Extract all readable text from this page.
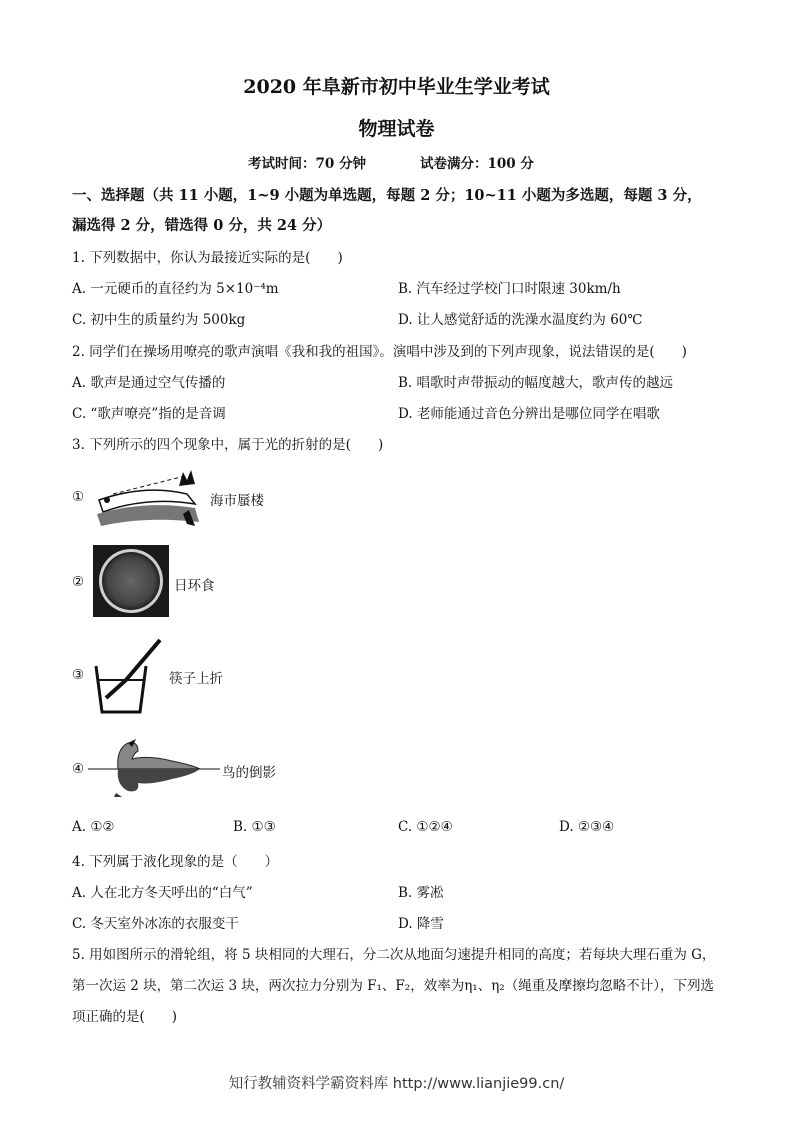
2020 年阜新市初中毕业生学业考试
物理试卷
考试时间：70 分钟	试卷满分：100 分
一、选择题（共 11 小题，1~9 小题为单选题，每题 2 分；10~11 小题为多选题，每题 3 分，
漏选得 2 分，错选得 0 分，共 24 分）
1. 下列数据中，你认为最接近实际的是(　　)
A. 一元硬币的直径约为 5×10⁻⁴m	B. 汽车经过学校门口时限速 30km/h
C. 初中生的质量约为 500kg	D. 让人感觉舒适的洗澡水温度约为 60℃
2. 同学们在操场用嘹亮的歌声演唱《我和我的祖国》。演唱中涉及到的下列声现象，说法错误的是(　　)
A. 歌声是通过空气传播的	B. 唱歌时声带振动的幅度越大，歌声传的越远
C. “歌声嘹亮”指的是音调	D. 老师能通过音色分辨出是哪位同学在唱歌
3. 下列所示的四个现象中，属于光的折射的是(　　)
①	海市蜃楼
②	日环食
③	筷子上折
④	鸟的倒影
A. ①②	B. ①③	C. ①②④	D. ②③④
4. 下列属于液化现象的是（　　）
A. 人在北方冬天呼出的“白气”	B. 雾凇
C. 冬天室外冰冻的衣服变干	D. 降雪
5. 用如图所示的滑轮组，将 5 块相同的大理石，分二次从地面匀速提升相同的高度；若每块大理石重为 G，
第一次运 2 块，第二次运 3 块，两次拉力分别为 F₁、F₂，效率为η₁、η₂（绳重及摩擦均忽略不计），下列选
项正确的是(　　)
知行教辅资料学霸资料库 http://www.lianjie99.cn/
